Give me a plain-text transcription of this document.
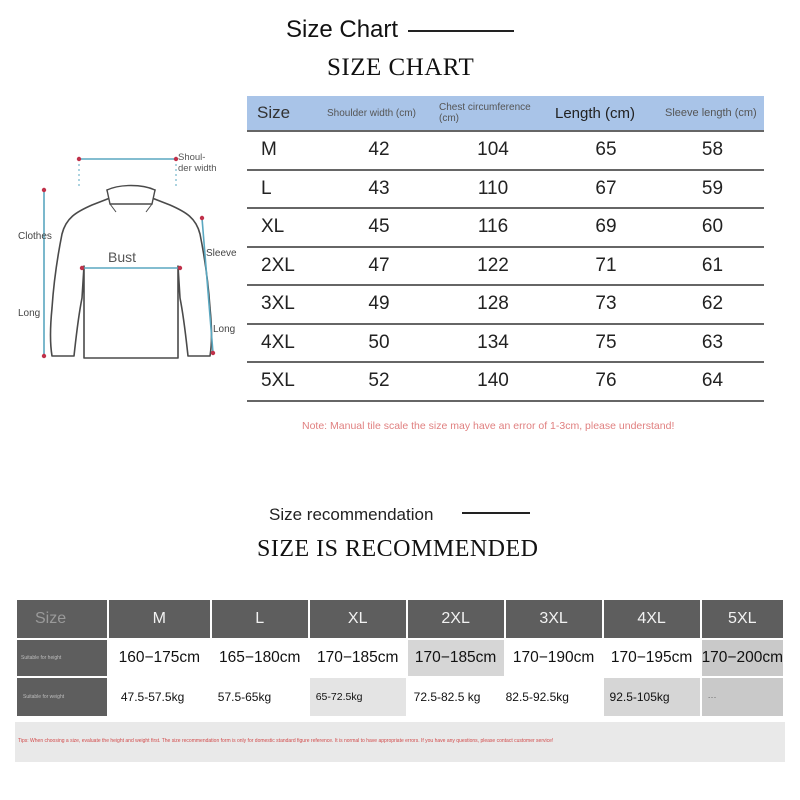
Size Chart
SIZE CHART
Shoul-
der width
Clothes
Long
Bust	Sleeve
Long
Size	Shoulder width (cm)	Chest circumference (cm)	Length (cm)	Sleeve length (cm)
M	42	104	65	58
L	43	110	67	59
XL	45	116	69	60
2XL	47	122	71	61
3XL	49	128	73	62
4XL	50	134	75	63
5XL	52	140	76	64
Note: Manual tile scale the size may have an error of 1-3cm, please understand!
Size recommendation
SIZE IS RECOMMENDED
Size	M	L	XL	2XL	3XL	4XL	5XL
Suitable for height	160−175cm	165−180cm	170−185cm	170−185cm	170−190cm	170−195cm	170−200cm
Suitable for weight	47.5-57.5kg	57.5-65kg	65-72.5kg	72.5-82.5 kg	82.5-92.5kg	92.5-105kg	···
Tips: When choosing a size, evaluate the height and weight first. The size recommendation form is only for domestic standard figure reference. It is normal to have appropriate errors. If you have any questions, please contact customer service!
